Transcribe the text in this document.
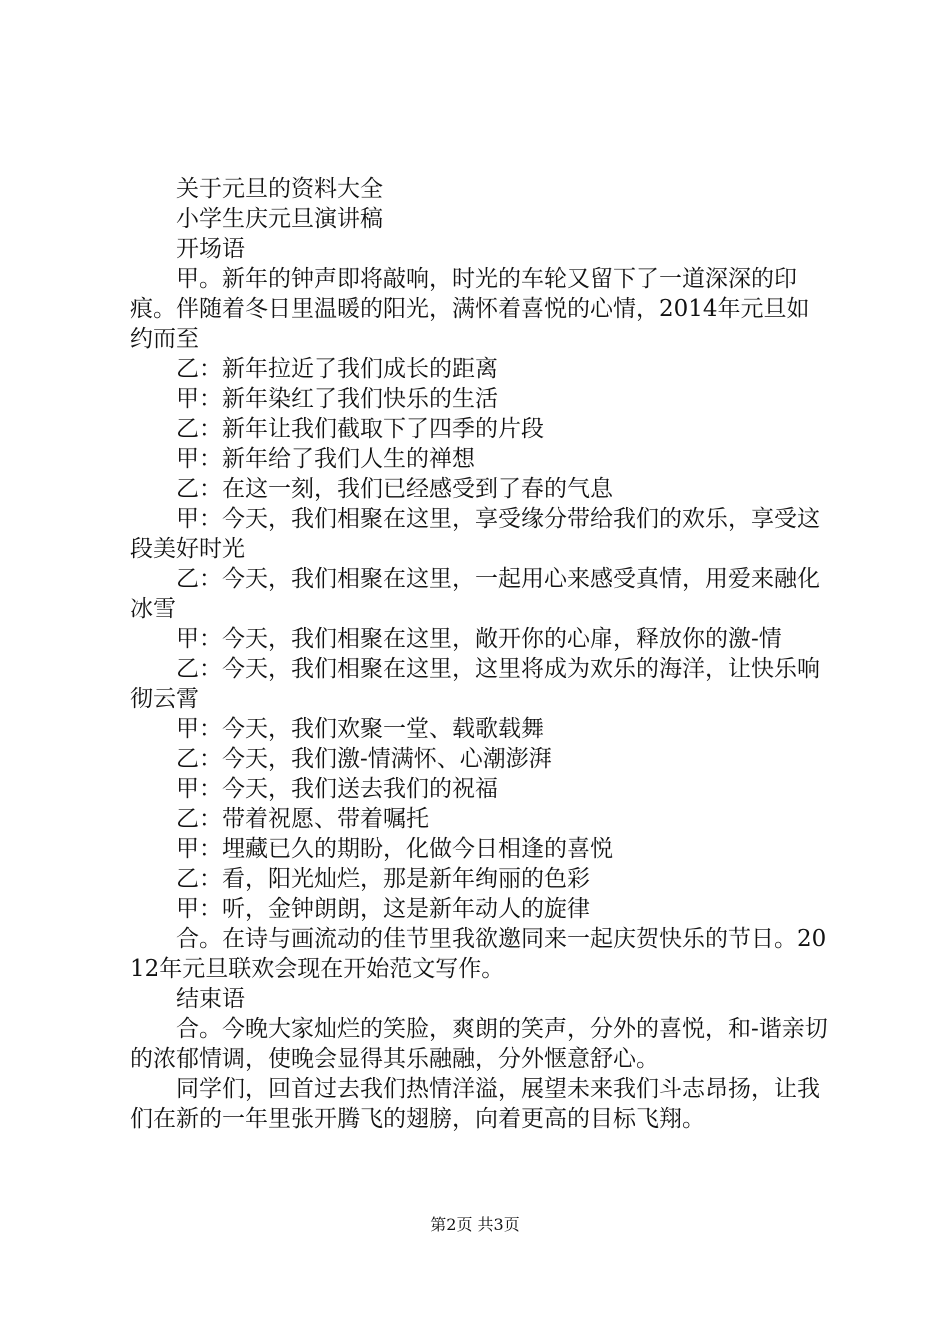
关于元旦的资料大全

小学生庆元旦演讲稿

开场语

甲。新年的钟声即将敲响，时光的车轮又留下了一道深深的印痕。伴随着冬日里温暖的阳光，满怀着喜悦的心情，2014年元旦如约而至

乙：新年拉近了我们成长的距离

甲：新年染红了我们快乐的生活

乙：新年让我们截取下了四季的片段

甲：新年给了我们人生的禅想

乙：在这一刻，我们已经感受到了春的气息

甲：今天，我们相聚在这里，享受缘分带给我们的欢乐，享受这段美好时光

乙：今天，我们相聚在这里，一起用心来感受真情，用爱来融化冰雪

甲：今天，我们相聚在这里，敞开你的心扉，释放你的激-情

乙：今天，我们相聚在这里，这里将成为欢乐的海洋，让快乐响彻云霄

甲：今天，我们欢聚一堂、载歌载舞

乙：今天，我们激-情满怀、心潮澎湃

甲：今天，我们送去我们的祝福

乙：带着祝愿、带着嘱托

甲：埋藏已久的期盼，化做今日相逢的喜悦

乙：看，阳光灿烂，那是新年绚丽的色彩

甲：听，金钟朗朗，这是新年动人的旋律

合。在诗与画流动的佳节里我欲邀同来一起庆贺快乐的节日。2012年元旦联欢会现在开始范文写作。

结束语

合。今晚大家灿烂的笑脸，爽朗的笑声，分外的喜悦，和-谐亲切的浓郁情调，使晚会显得其乐融融，分外惬意舒心。

同学们，回首过去我们热情洋溢，展望未来我们斗志昂扬，让我们在新的一年里张开腾飞的翅膀，向着更高的目标飞翔。

第2页 共3页
